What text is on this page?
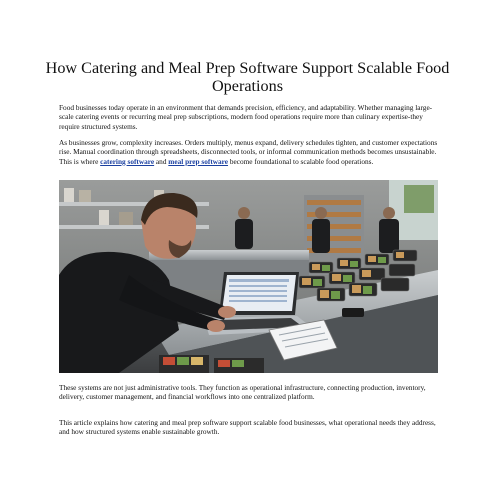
How Catering and Meal Prep Software Support Scalable Food Operations

Food businesses today operate in an environment that demands precision, efficiency, and adaptability. Whether managing large-scale catering events or recurring meal prep subscriptions, modern food operations require more than culinary expertise-they require structured systems.

As businesses grow, complexity increases. Orders multiply, menus expand, delivery schedules tighten, and customer expectations rise. Manual coordination through spreadsheets, disconnected tools, or informal communication methods becomes unsustainable. This is where catering software and meal prep software become foundational to scalable food operations.

These systems are not just administrative tools. They function as operational infrastructure, connecting production, inventory, delivery, customer management, and financial workflows into one centralized platform.

This article explains how catering and meal prep software support scalable food businesses, what operational needs they address, and how structured systems enable sustainable growth.
